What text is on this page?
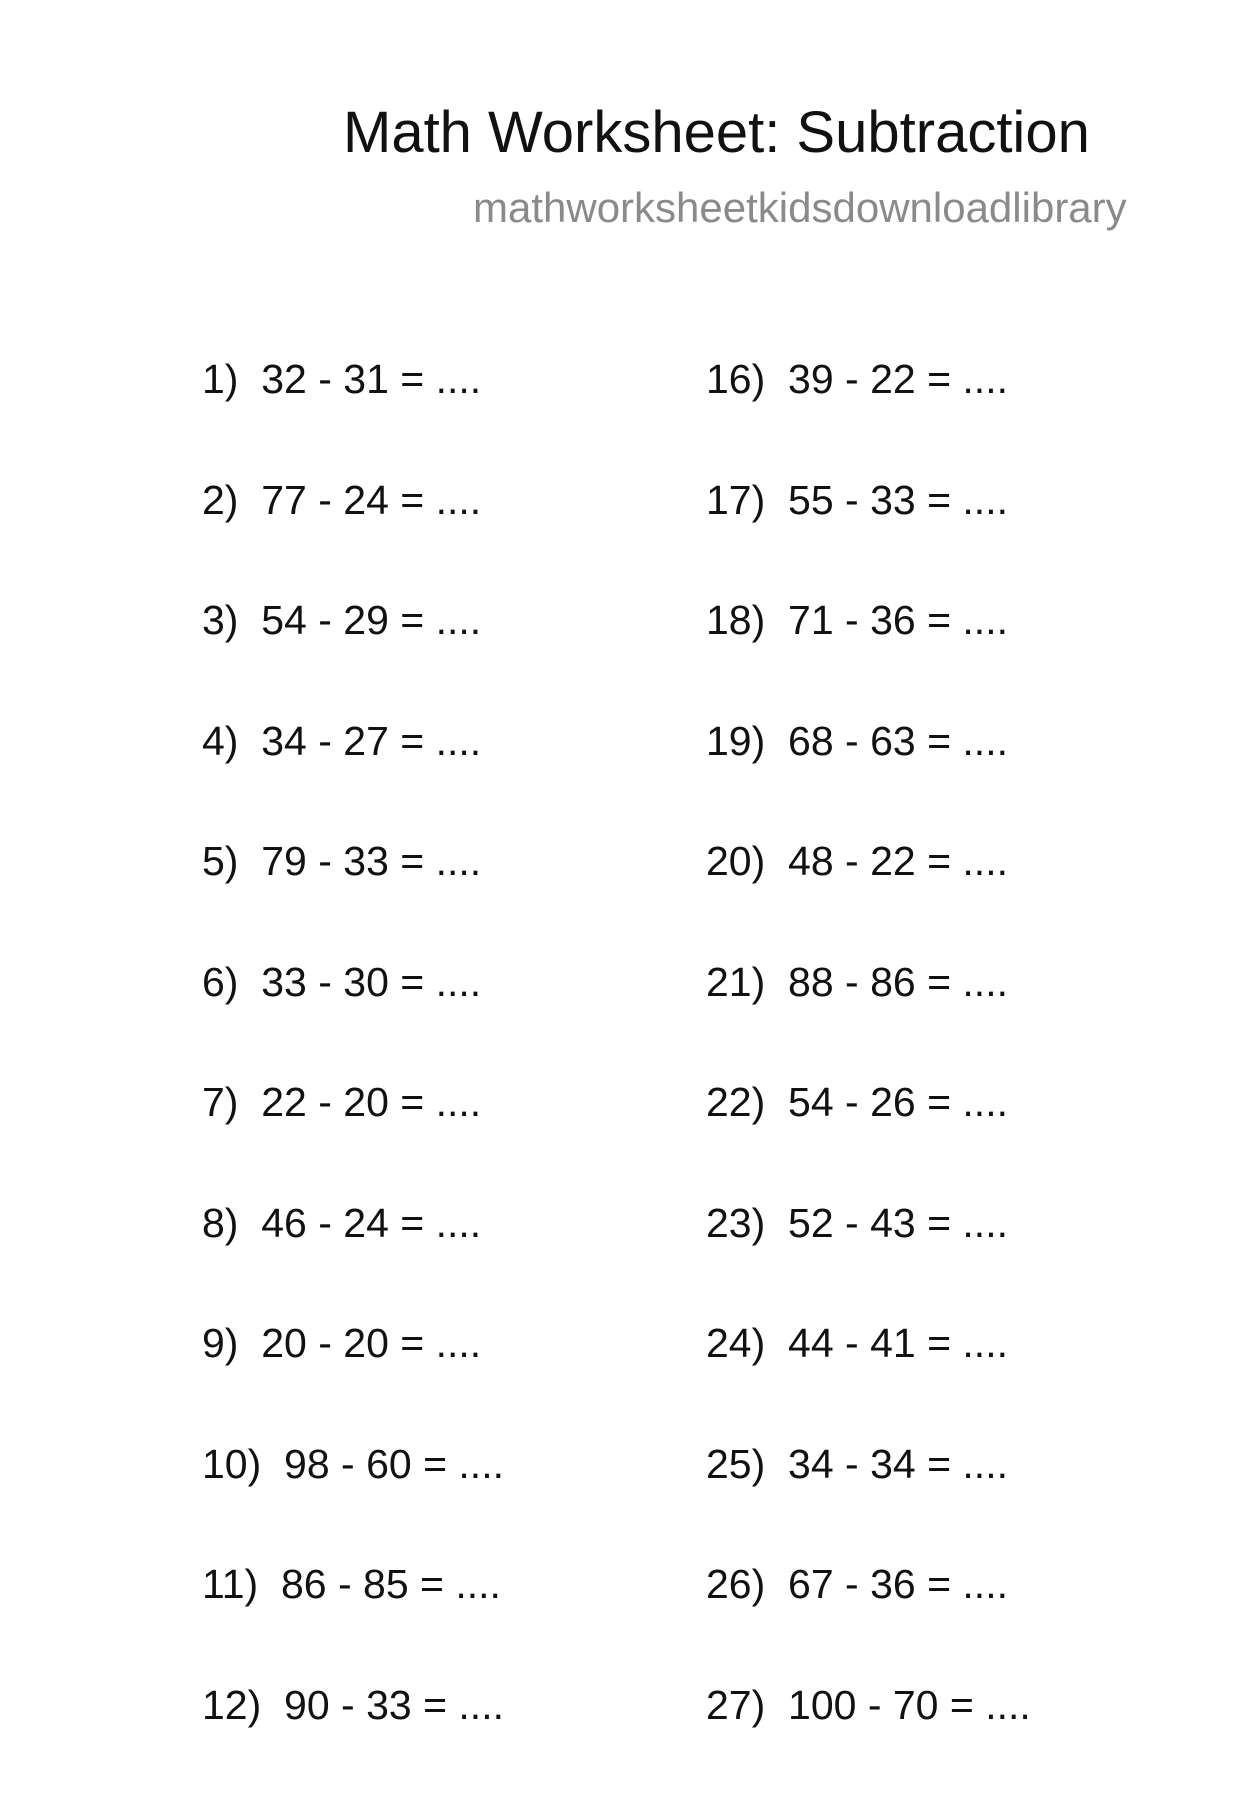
Math Worksheet: Subtraction
mathworksheetkidsdownloadlibrary
1)  32 - 31 = ....
2)  77 - 24 = ....
3)  54 - 29 = ....
4)  34 - 27 = ....
5)  79 - 33 = ....
6)  33 - 30 = ....
7)  22 - 20 = ....
8)  46 - 24 = ....
9)  20 - 20 = ....
10)  98 - 60 = ....
11)  86 - 85 = ....
12)  90 - 33 = ....
16)  39 - 22 = ....
17)  55 - 33 = ....
18)  71 - 36 = ....
19)  68 - 63 = ....
20)  48 - 22 = ....
21)  88 - 86 = ....
22)  54 - 26 = ....
23)  52 - 43 = ....
24)  44 - 41 = ....
25)  34 - 34 = ....
26)  67 - 36 = ....
27)  100 - 70 = ....
